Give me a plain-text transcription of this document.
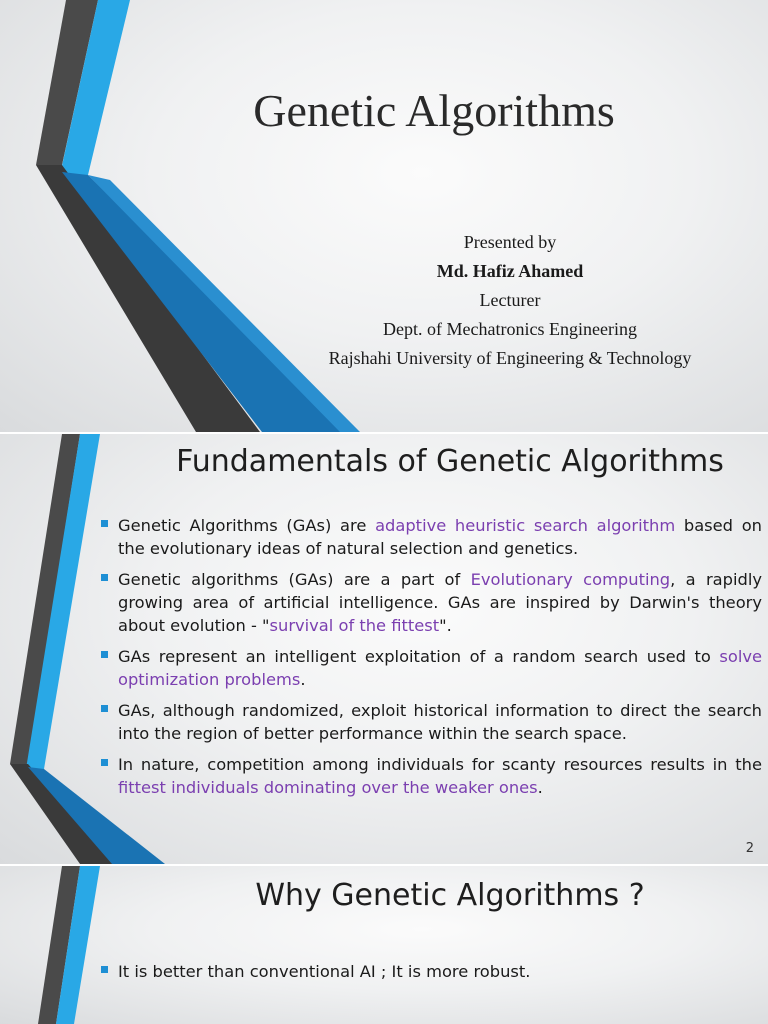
Genetic Algorithms
Presented by
Md. Hafiz Ahamed
Lecturer
Dept. of Mechatronics Engineering
Rajshahi University of Engineering & Technology
Fundamentals of Genetic Algorithms
Genetic Algorithms (GAs) are adaptive heuristic search algorithm based on the evolutionary ideas of natural selection and genetics.
Genetic algorithms (GAs) are a part of Evolutionary computing, a rapidly growing area of artificial intelligence. GAs are inspired by Darwin's theory about evolution - "survival of the fittest".
GAs represent an intelligent exploitation of a random search used to solve optimization problems.
GAs, although randomized, exploit historical information to direct the search into the region of better performance within the search space.
In nature, competition among individuals for scanty resources results in the fittest individuals dominating over the weaker ones.
2
Why Genetic Algorithms ?
It is better than conventional AI ; It is more robust.
